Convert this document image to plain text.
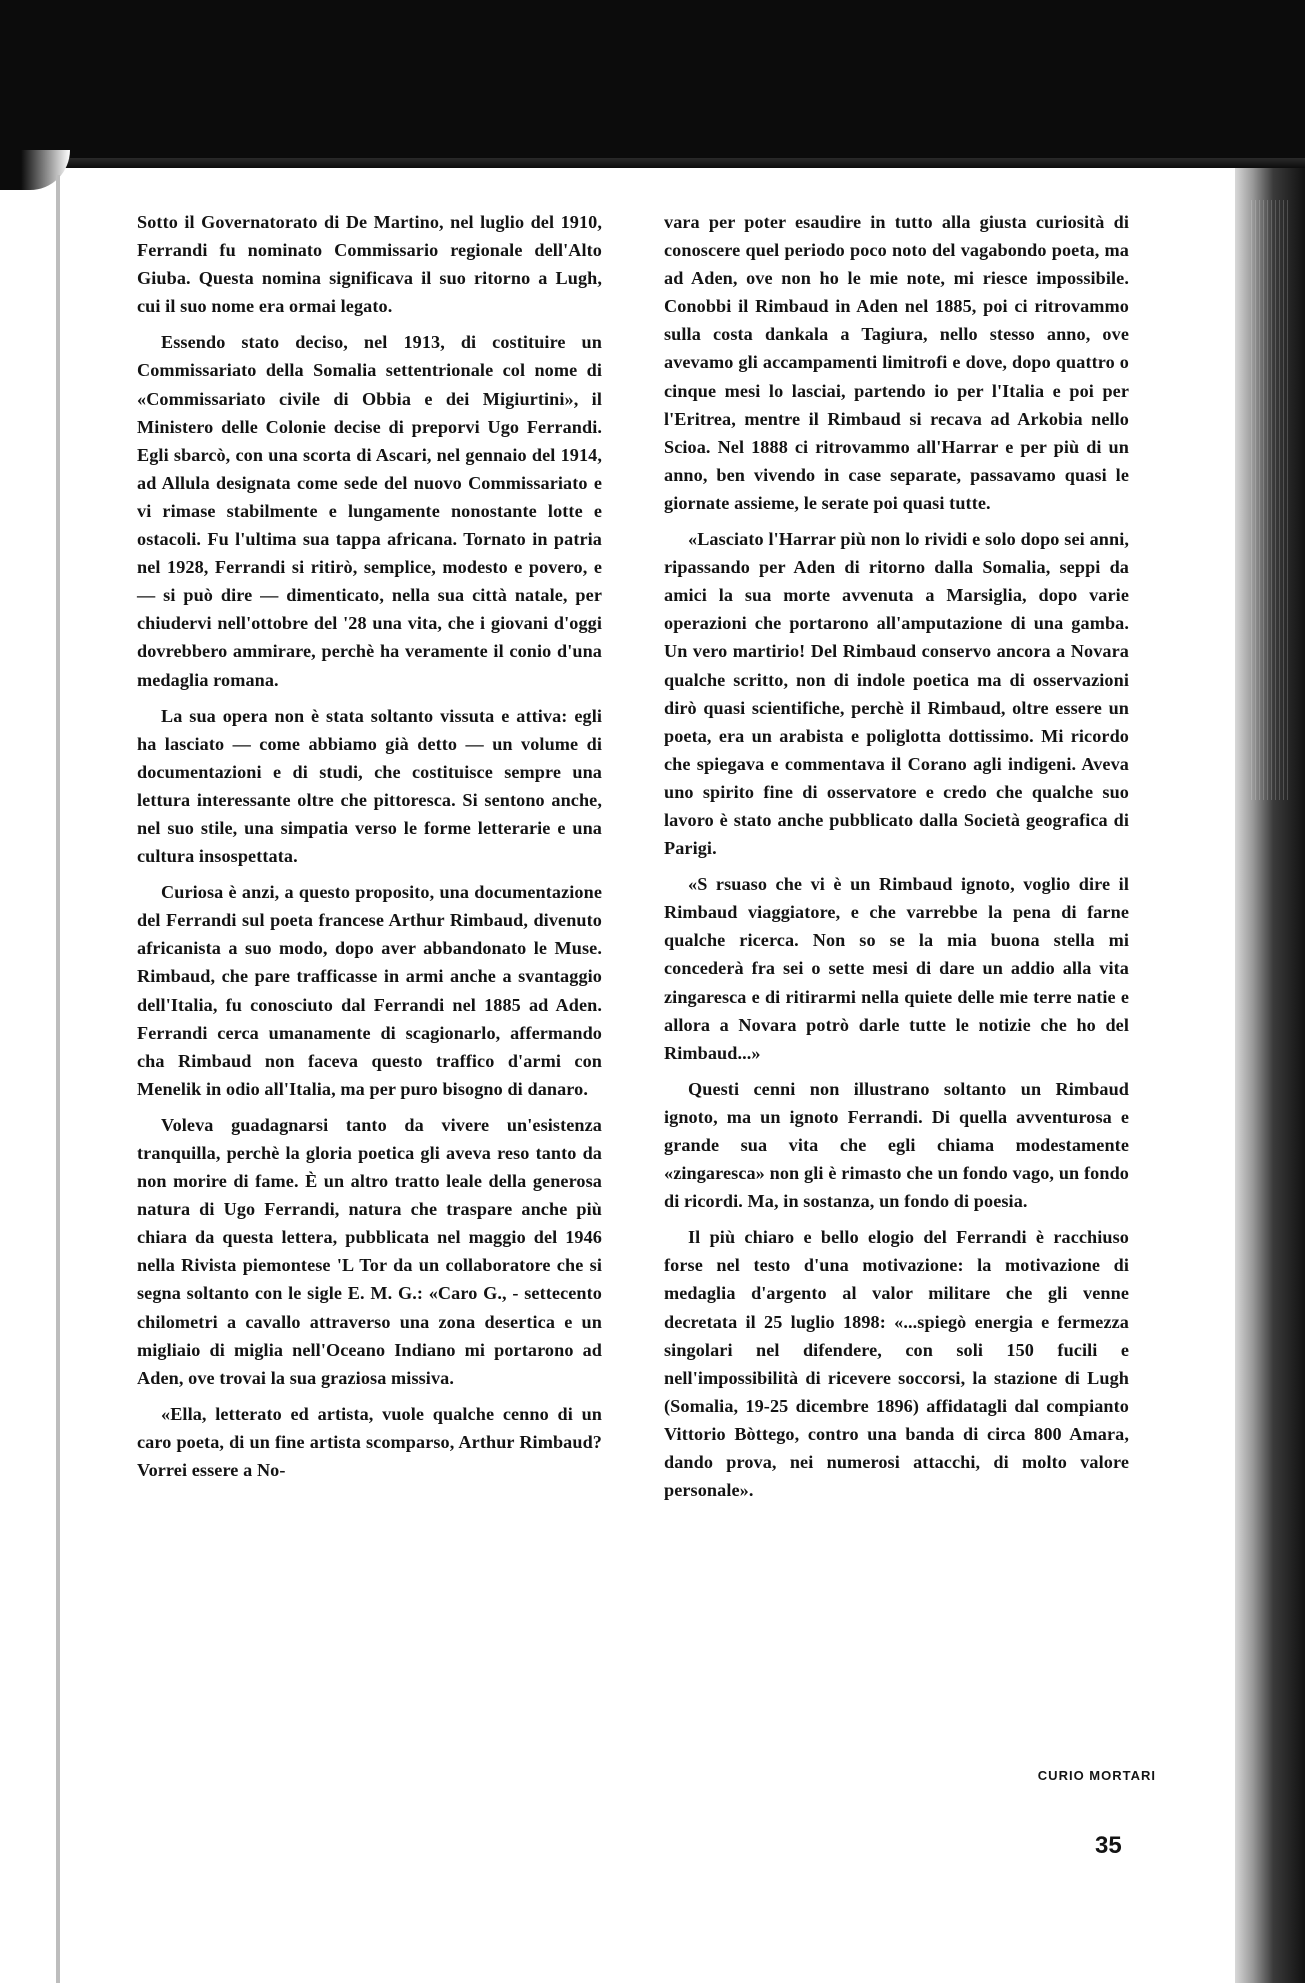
Sotto il Governatorato di De Martino, nel luglio del 1910, Ferrandi fu nominato Commissario regionale dell'Alto Giuba. Questa nomina significava il suo ritorno a Lugh, cui il suo nome era ormai legato.

Essendo stato deciso, nel 1913, di costituire un Commissariato della Somalia settentrionale col nome di «Commissariato civile di Obbia e dei Migiurtini», il Ministero delle Colonie decise di preporvi Ugo Ferrandi. Egli sbarcò, con una scorta di Ascari, nel gennaio del 1914, ad Allula designata come sede del nuovo Commissariato e vi rimase stabilmente e lungamente nonostante lotte e ostacoli. Fu l'ultima sua tappa africana. Tornato in patria nel 1928, Ferrandi si ritirò, semplice, modesto e povero, e — si può dire — dimenticato, nella sua città natale, per chiudervi nell'ottobre del '28 una vita, che i giovani d'oggi dovrebbero ammirare, perchè ha veramente il conio d'una medaglia romana.

La sua opera non è stata soltanto vissuta e attiva: egli ha lasciato — come abbiamo già detto — un volume di documentazioni e di studi, che costituisce sempre una lettura interessante oltre che pittoresca. Si sentono anche, nel suo stile, una simpatia verso le forme letterarie e una cultura insospettata.

Curiosa è anzi, a questo proposito, una documentazione del Ferrandi sul poeta francese Arthur Rimbaud, divenuto africanista a suo modo, dopo aver abbandonato le Muse. Rimbaud, che pare trafficasse in armi anche a svantaggio dell'Italia, fu conosciuto dal Ferrandi nel 1885 ad Aden. Ferrandi cerca umanamente di scagionarlo, affermando cha Rimbaud non faceva questo traffico d'armi con Menelik in odio all'Italia, ma per puro bisogno di danaro.

Voleva guadagnarsi tanto da vivere un'esistenza tranquilla, perchè la gloria poetica gli aveva reso tanto da non morire di fame. È un altro tratto leale della generosa natura di Ugo Ferrandi, natura che traspare anche più chiara da questa lettera, pubblicata nel maggio del 1946 nella Rivista piemontese 'L Tor da un collaboratore che si segna soltanto con le sigle E. M. G.: «Caro G., - settecento chilometri a cavallo attraverso una zona desertica e un migliaio di miglia nell'Oceano Indiano mi portarono ad Aden, ove trovai la sua graziosa missiva.

«Ella, letterato ed artista, vuole qualche cenno di un caro poeta, di un fine artista scomparso, Arthur Rimbaud? Vorrei essere a No-

vara per poter esaudire in tutto alla giusta curiosità di conoscere quel periodo poco noto del vagabondo poeta, ma ad Aden, ove non ho le mie note, mi riesce impossibile. Conobbi il Rimbaud in Aden nel 1885, poi ci ritrovammo sulla costa dankala a Tagiura, nello stesso anno, ove avevamo gli accampamenti limitrofi e dove, dopo quattro o cinque mesi lo lasciai, partendo io per l'Italia e poi per l'Eritrea, mentre il Rimbaud si recava ad Arkobia nello Scioa. Nel 1888 ci ritrovammo all'Harrar e per più di un anno, ben vivendo in case separate, passavamo quasi le giornate assieme, le serate poi quasi tutte.

«Lasciato l'Harrar più non lo rividi e solo dopo sei anni, ripassando per Aden di ritorno dalla Somalia, seppi da amici la sua morte avvenuta a Marsiglia, dopo varie operazioni che portarono all'amputazione di una gamba. Un vero martirio! Del Rimbaud conservo ancora a Novara qualche scritto, non di indole poetica ma di osservazioni dirò quasi scientifiche, perchè il Rimbaud, oltre essere un poeta, era un arabista e poliglotta dottissimo. Mi ricordo che spiegava e commentava il Corano agli indigeni. Aveva uno spirito fine di osservatore e credo che qualche suo lavoro è stato anche pubblicato dalla Società geografica di Parigi.

«S rsuaso che vi è un Rimbaud ignoto, voglio dire il Rimbaud viaggiatore, e che varrebbe la pena di farne qualche ricerca. Non so se la mia buona stella mi concederà fra sei o sette mesi di dare un addio alla vita zingaresca e di ritirarmi nella quiete delle mie terre natie e allora a Novara potrò darle tutte le notizie che ho del Rimbaud...»

Questi cenni non illustrano soltanto un Rimbaud ignoto, ma un ignoto Ferrandi. Di quella avventurosa e grande sua vita che egli chiama modestamente «zingaresca» non gli è rimasto che un fondo vago, un fondo di ricordi. Ma, in sostanza, un fondo di poesia.

Il più chiaro e bello elogio del Ferrandi è racchiuso forse nel testo d'una motivazione: la motivazione di medaglia d'argento al valor militare che gli venne decretata il 25 luglio 1898: «...spiegò energia e fermezza singolari nel difendere, con soli 150 fucili e nell'impossibilità di ricevere soccorsi, la stazione di Lugh (Somalia, 19-25 dicembre 1896) affidatagli dal compianto Vittorio Bòttego, contro una banda di circa 800 Amara, dando prova, nei numerosi attacchi, di molto valore personale».

CURIO MORTARI
35
